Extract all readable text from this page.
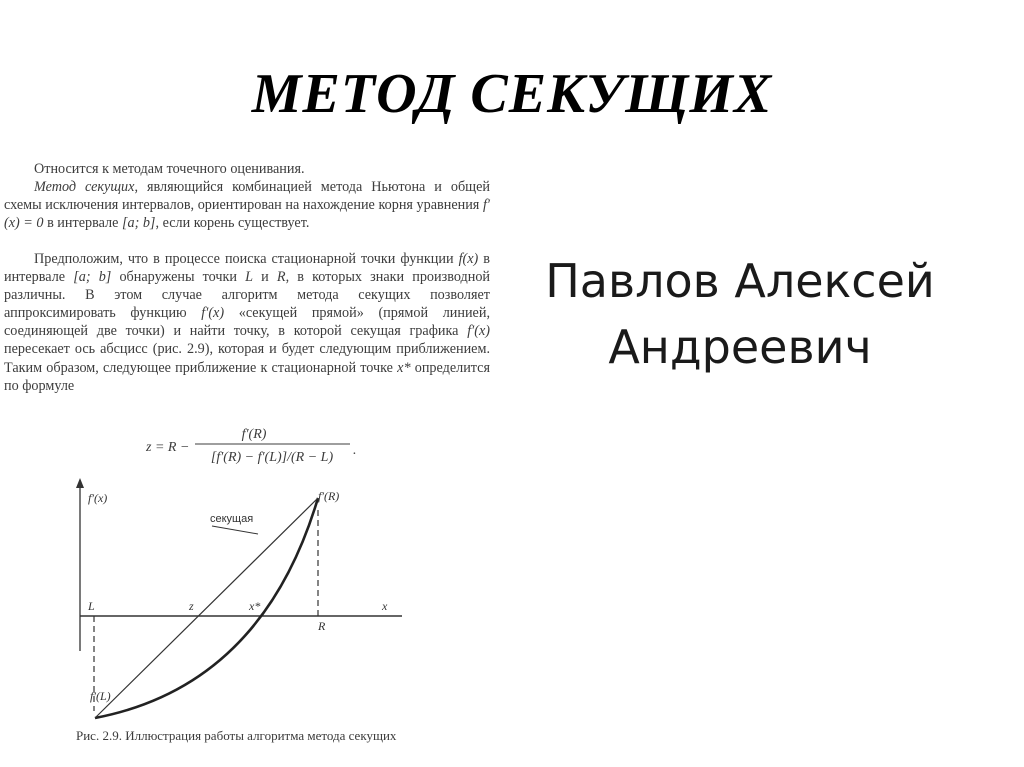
МЕТОД СЕКУЩИХ
Павлов Алексей
Андреевич

Относится к методам точечного оценивания.

Метод секущих, являющийся комбинацией метода Ньютона и общей схемы исключения интервалов, ориентирован на нахождение корня уравнения f′(x) = 0 в интервале [a; b], если корень существует.

Предположим, что в процессе поиска стационарной точки функции f(x) в интервале [a; b] обнаружены точки L и R, в которых знаки производной различны. В этом случае алгоритм метода секущих позволяет аппроксимировать функцию f′(x) «секущей прямой» (прямой линией, соединяющей две точки) и найти точку, в которой секущая графика f′(x) пересекает ось абсцисс (рис. 2.9), которая и будет следующим приближением. Таким образом, следующее приближение к стационарной точке x* определится по формуле

z = R −
f′(R)
[f′(R) − f′(L)]/(R − L) .
f′(x)
x
L	z	x*
R
f′(R)
f′(L)
секущая
Рис. 2.9. Иллюстрация работы алгоритма метода секущих
